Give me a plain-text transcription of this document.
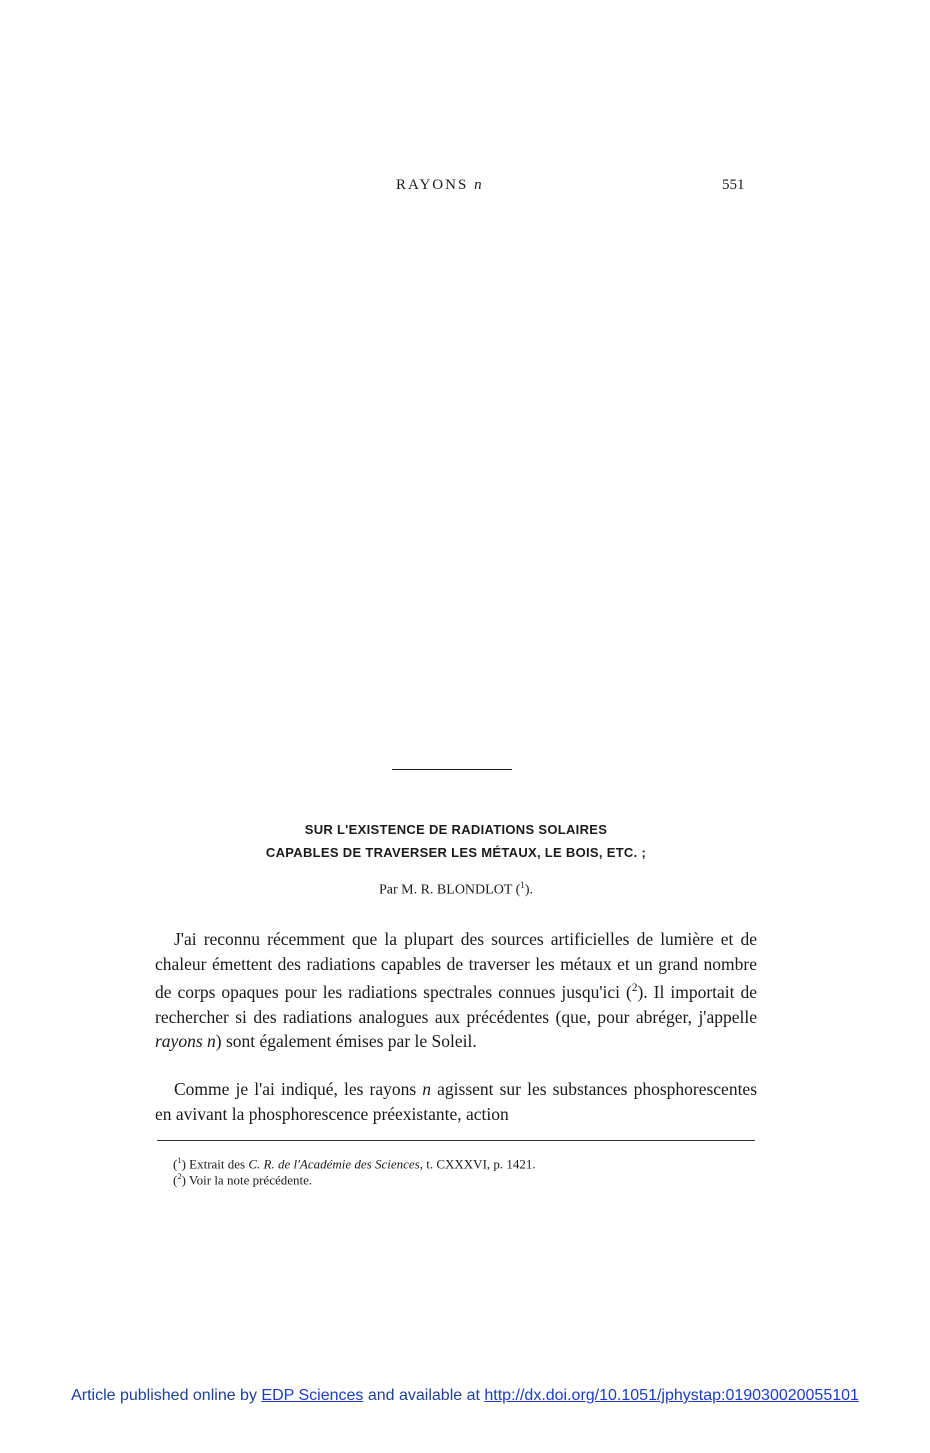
RAYONS n	551
SUR L'EXISTENCE DE RADIATIONS SOLAIRES
CAPABLES DE TRAVERSER LES MÉTAUX, LE BOIS, ETC. ;
Par M. R. BLONDLOT ($^1$).
J'ai reconnu récemment que la plupart des sources artificielles de lumière et de chaleur émettent des radiations capables de traverser les métaux et un grand nombre de corps opaques pour les radiations spectrales connues jusqu'ici ($^2$). Il importait de rechercher si des radiations analogues aux précédentes (que, pour abréger, j'appelle rayons n) sont également émises par le Soleil.
Comme je l'ai indiqué, les rayons n agissent sur les substances phosphorescentes en avivant la phosphorescence préexistante, action
($^1$) Extrait des C. R. de l'Académie des Sciences, t. CXXXVI, p. 1421.
($^2$) Voir la note précédente.
Article published online by EDP Sciences and available at http://dx.doi.org/10.1051/jphystap:019030020055101
